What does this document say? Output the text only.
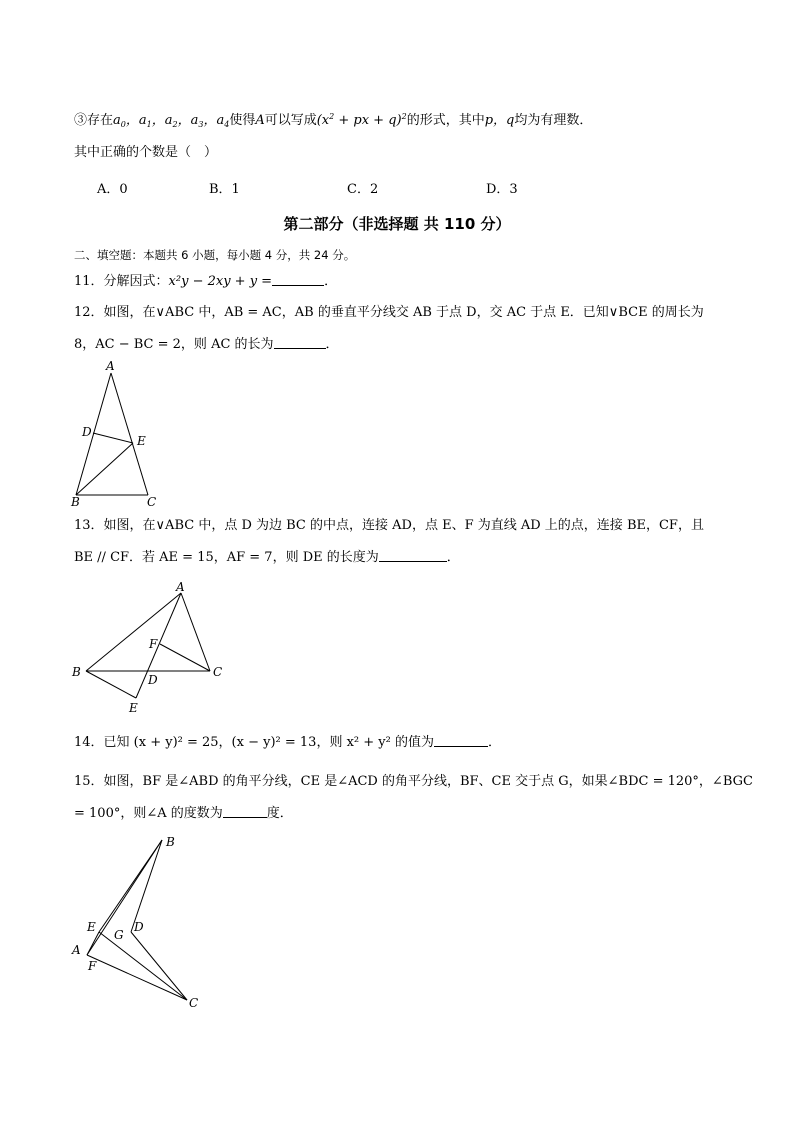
③存在$a_0$，$a_1$，$a_2$，$a_3$，$a_4$使得A可以写成($x^2$ + px + q)$^2$的形式，其中p，q均为有理数．
其中正确的个数是（　）
A．0	B．1	C．2	D．3
第二部分（非选择题 共 110 分）
二、填空题：本题共 6 小题，每小题 4 分，共 24 分。
11．分解因式：x²y − 2xy + y =	．
12．如图，在∨ABC 中，AB = AC，AB 的垂直平分线交 AB 于点 D，交 AC 于点 E．已知∨BCE 的周长为
8，AC − BC = 2，则 AC 的长为	．
A
D
E
B	C
13．如图，在∨ABC 中，点 D 为边 BC 的中点，连接 AD，点 E、F 为直线 AD 上的点，连接 BE，CF，且
BE // CF．若 AE = 15，AF = 7，则 DE 的长度为	．
A
F
B
D
C
E
14．已知 (x + y)² = 25，(x − y)² = 13，则 x² + y² 的值为	．
15．如图，BF 是∠ABD 的角平分线，CE 是∠ACD 的角平分线，BF、CE 交于点 G，如果∠BDC = 120°，∠BGC
= 100°，则∠A 的度数为	度．
B
E	D
G
A
F
C
